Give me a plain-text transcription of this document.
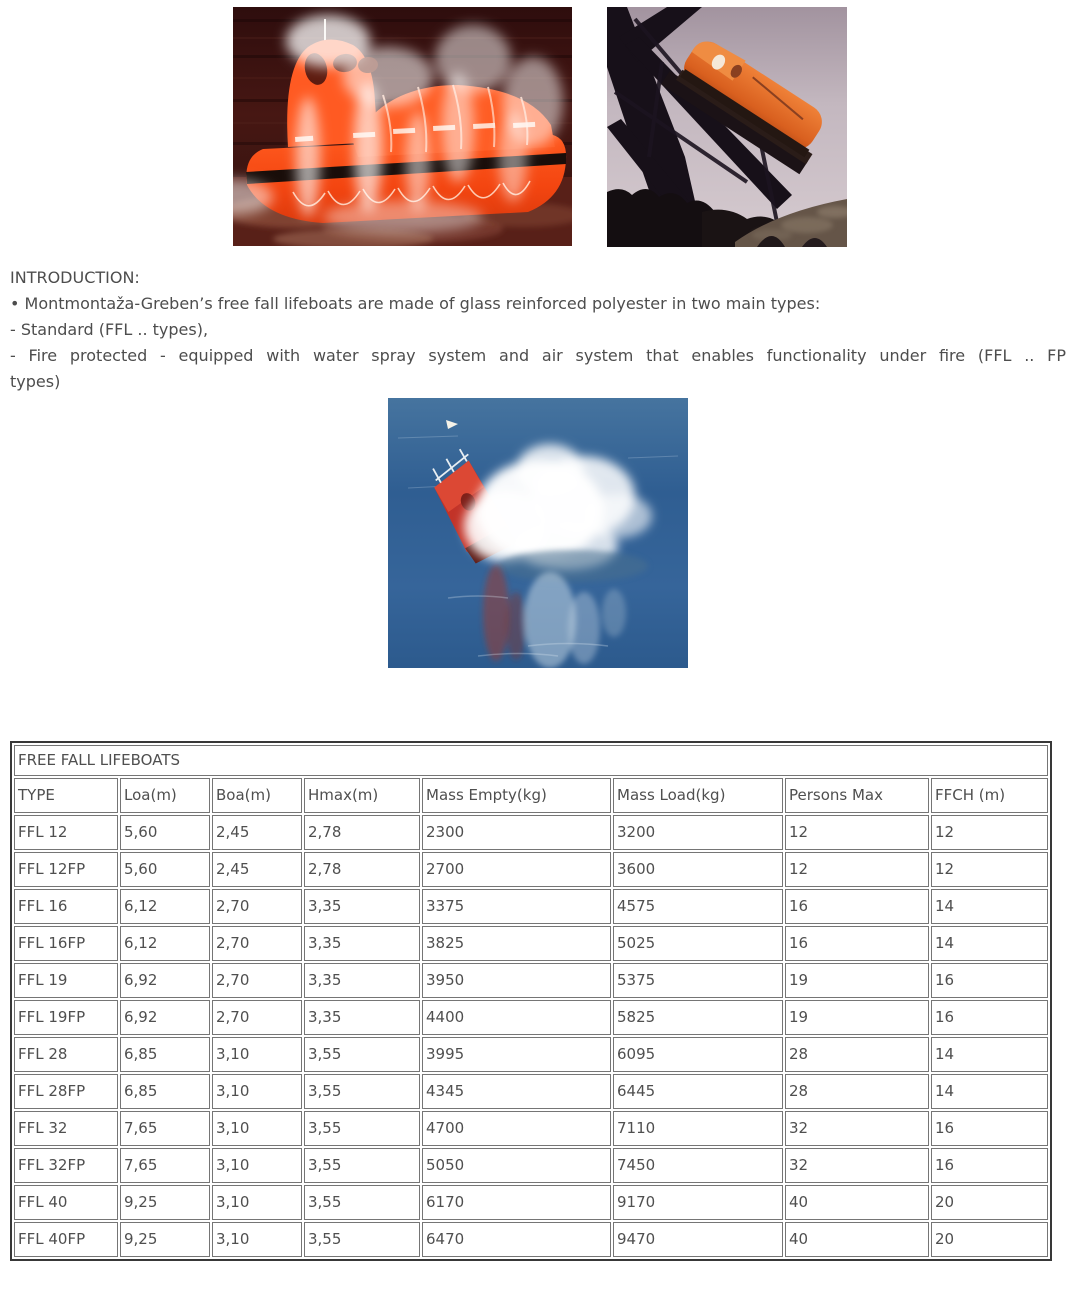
INTRODUCTION:
• Montmontaža-Greben’s free fall lifeboats are made of glass reinforced polyester in two main types:
- Standard (FFL .. types),
- Fire protected - equipped with water spray system and air system that enables functionality under fire (FFL .. FP
types)
FREE FALL LIFEBOATS							
TYPE	Loa(m)	Boa(m)	Hmax(m)	Mass Empty(kg)	Mass Load(kg)	Persons Max	FFCH (m)
FFL 12	5,60	2,45	2,78	2300	3200	12	12
FFL 12FP	5,60	2,45	2,78	2700	3600	12	12
FFL 16	6,12	2,70	3,35	3375	4575	16	14
FFL 16FP	6,12	2,70	3,35	3825	5025	16	14
FFL 19	6,92	2,70	3,35	3950	5375	19	16
FFL 19FP	6,92	2,70	3,35	4400	5825	19	16
FFL 28	6,85	3,10	3,55	3995	6095	28	14
FFL 28FP	6,85	3,10	3,55	4345	6445	28	14
FFL 32	7,65	3,10	3,55	4700	7110	32	16
FFL 32FP	7,65	3,10	3,55	5050	7450	32	16
FFL 40	9,25	3,10	3,55	6170	9170	40	20
FFL 40FP	9,25	3,10	3,55	6470	9470	40	20
